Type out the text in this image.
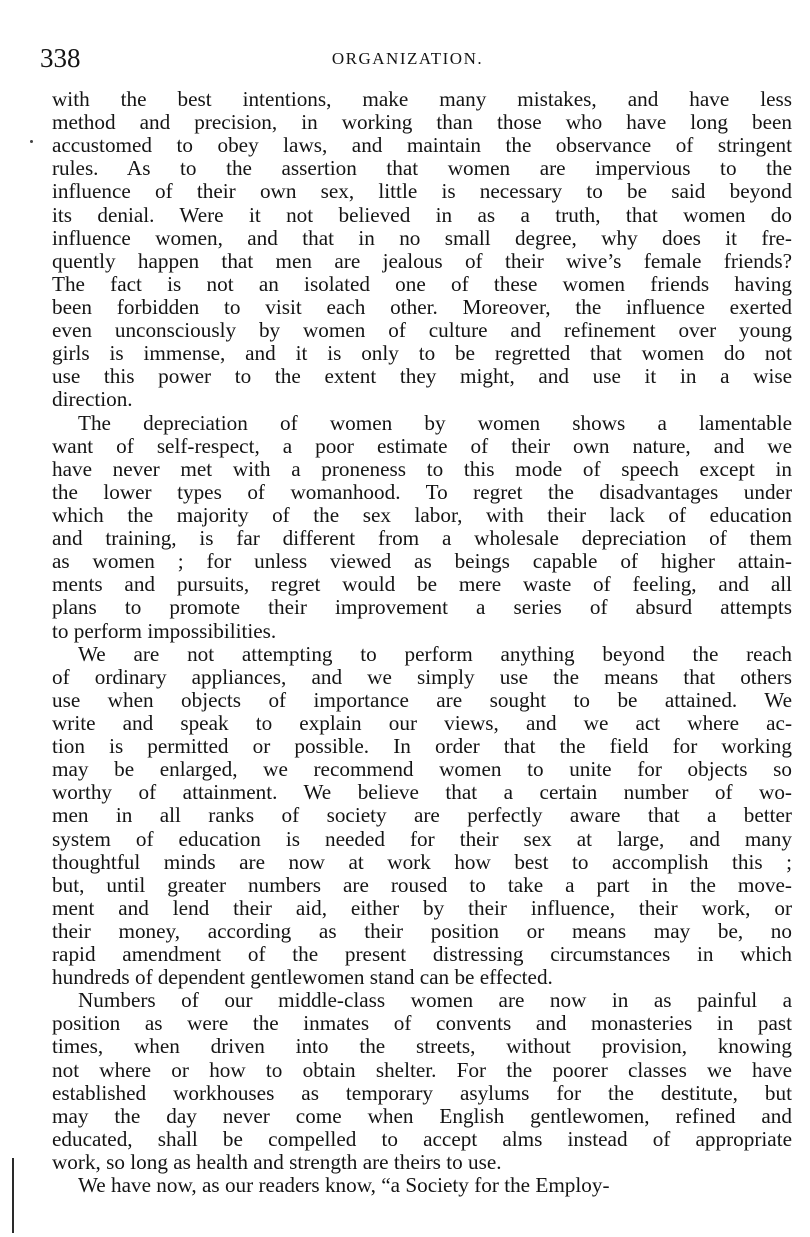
338	ORGANIZATION.
with the best intentions, make many mistakes, and have less
method and precision, in working than those who have long been
accustomed to obey laws, and maintain the observance of stringent
rules. As to the assertion that women are impervious to the
influence of their own sex, little is necessary to be said beyond
its denial. Were it not believed in as a truth, that women do
influence women, and that in no small degree, why does it fre-
quently happen that men are jealous of their wive’s female friends?
The fact is not an isolated one of these women friends having
been forbidden to visit each other. Moreover, the influence exerted
even unconsciously by women of culture and refinement over young
girls is immense, and it is only to be regretted that women do not
use this power to the extent they might, and use it in a wise
direction.
The depreciation of women by women shows a lamentable
want of self-respect, a poor estimate of their own nature, and we
have never met with a proneness to this mode of speech except in
the lower types of womanhood. To regret the disadvantages under
which the majority of the sex labor, with their lack of education
and training, is far different from a wholesale depreciation of them
as women ; for unless viewed as beings capable of higher attain-
ments and pursuits, regret would be mere waste of feeling, and all
plans to promote their improvement a series of absurd attempts
to perform impossibilities.
We are not attempting to perform anything beyond the reach
of ordinary appliances, and we simply use the means that others
use when objects of importance are sought to be attained. We
write and speak to explain our views, and we act where ac-
tion is permitted or possible. In order that the field for working
may be enlarged, we recommend women to unite for objects so
worthy of attainment. We believe that a certain number of wo-
men in all ranks of society are perfectly aware that a better
system of education is needed for their sex at large, and many
thoughtful minds are now at work how best to accomplish this ;
but, until greater numbers are roused to take a part in the move-
ment and lend their aid, either by their influence, their work, or
their money, according as their position or means may be, no
rapid amendment of the present distressing circumstances in which
hundreds of dependent gentlewomen stand can be effected.
Numbers of our middle-class women are now in as painful a
position as were the inmates of convents and monasteries in past
times, when driven into the streets, without provision, knowing
not where or how to obtain shelter. For the poorer classes we have
established workhouses as temporary asylums for the destitute, but
may the day never come when English gentlewomen, refined and
educated, shall be compelled to accept alms instead of appropriate
work, so long as health and strength are theirs to use.
We have now, as our readers know, “a Society for the Employ-
